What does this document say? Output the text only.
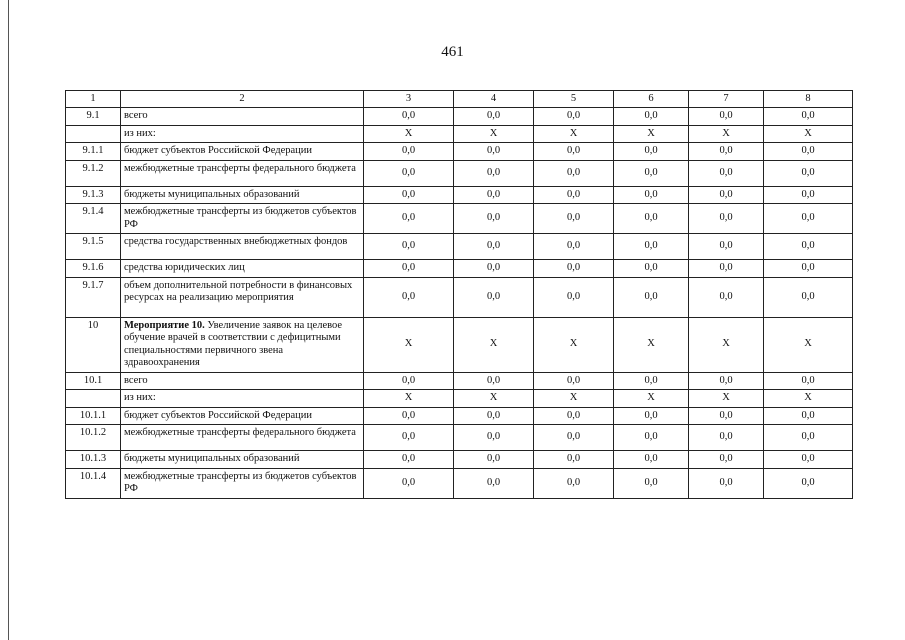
461
1	2	3	4	5	6	7	8
9.1	всего	0,0	0,0	0,0	0,0	0,0	0,0
	из них:	X	X	X	X	X	X
9.1.1	бюджет субъектов Российской Федерации	0,0	0,0	0,0	0,0	0,0	0,0
9.1.2	межбюджетные трансферты федерального бюджета	0,0	0,0	0,0	0,0	0,0	0,0
9.1.3	бюджеты муниципальных образований	0,0	0,0	0,0	0,0	0,0	0,0
9.1.4	межбюджетные трансферты из бюджетов субъектов РФ	0,0	0,0	0,0	0,0	0,0	0,0
9.1.5	средства государственных внебюджетных фондов	0,0	0,0	0,0	0,0	0,0	0,0
9.1.6	средства юридических лиц	0,0	0,0	0,0	0,0	0,0	0,0
9.1.7	объем дополнительной потребности в финансовых ресурсах на реализацию мероприятия	0,0	0,0	0,0	0,0	0,0	0,0
10	Мероприятие 10. Увеличение заявок на целевое обучение врачей в соответствии с дефицитными специальностями первичного звена здравоохранения	X	X	X	X	X	X
10.1	всего	0,0	0,0	0,0	0,0	0,0	0,0
	из них:	X	X	X	X	X	X
10.1.1	бюджет субъектов Российской Федерации	0,0	0,0	0,0	0,0	0,0	0,0
10.1.2	межбюджетные трансферты федерального бюджета	0,0	0,0	0,0	0,0	0,0	0,0
10.1.3	бюджеты муниципальных образований	0,0	0,0	0,0	0,0	0,0	0,0
10.1.4	межбюджетные трансферты из бюджетов субъектов РФ	0,0	0,0	0,0	0,0	0,0	0,0
